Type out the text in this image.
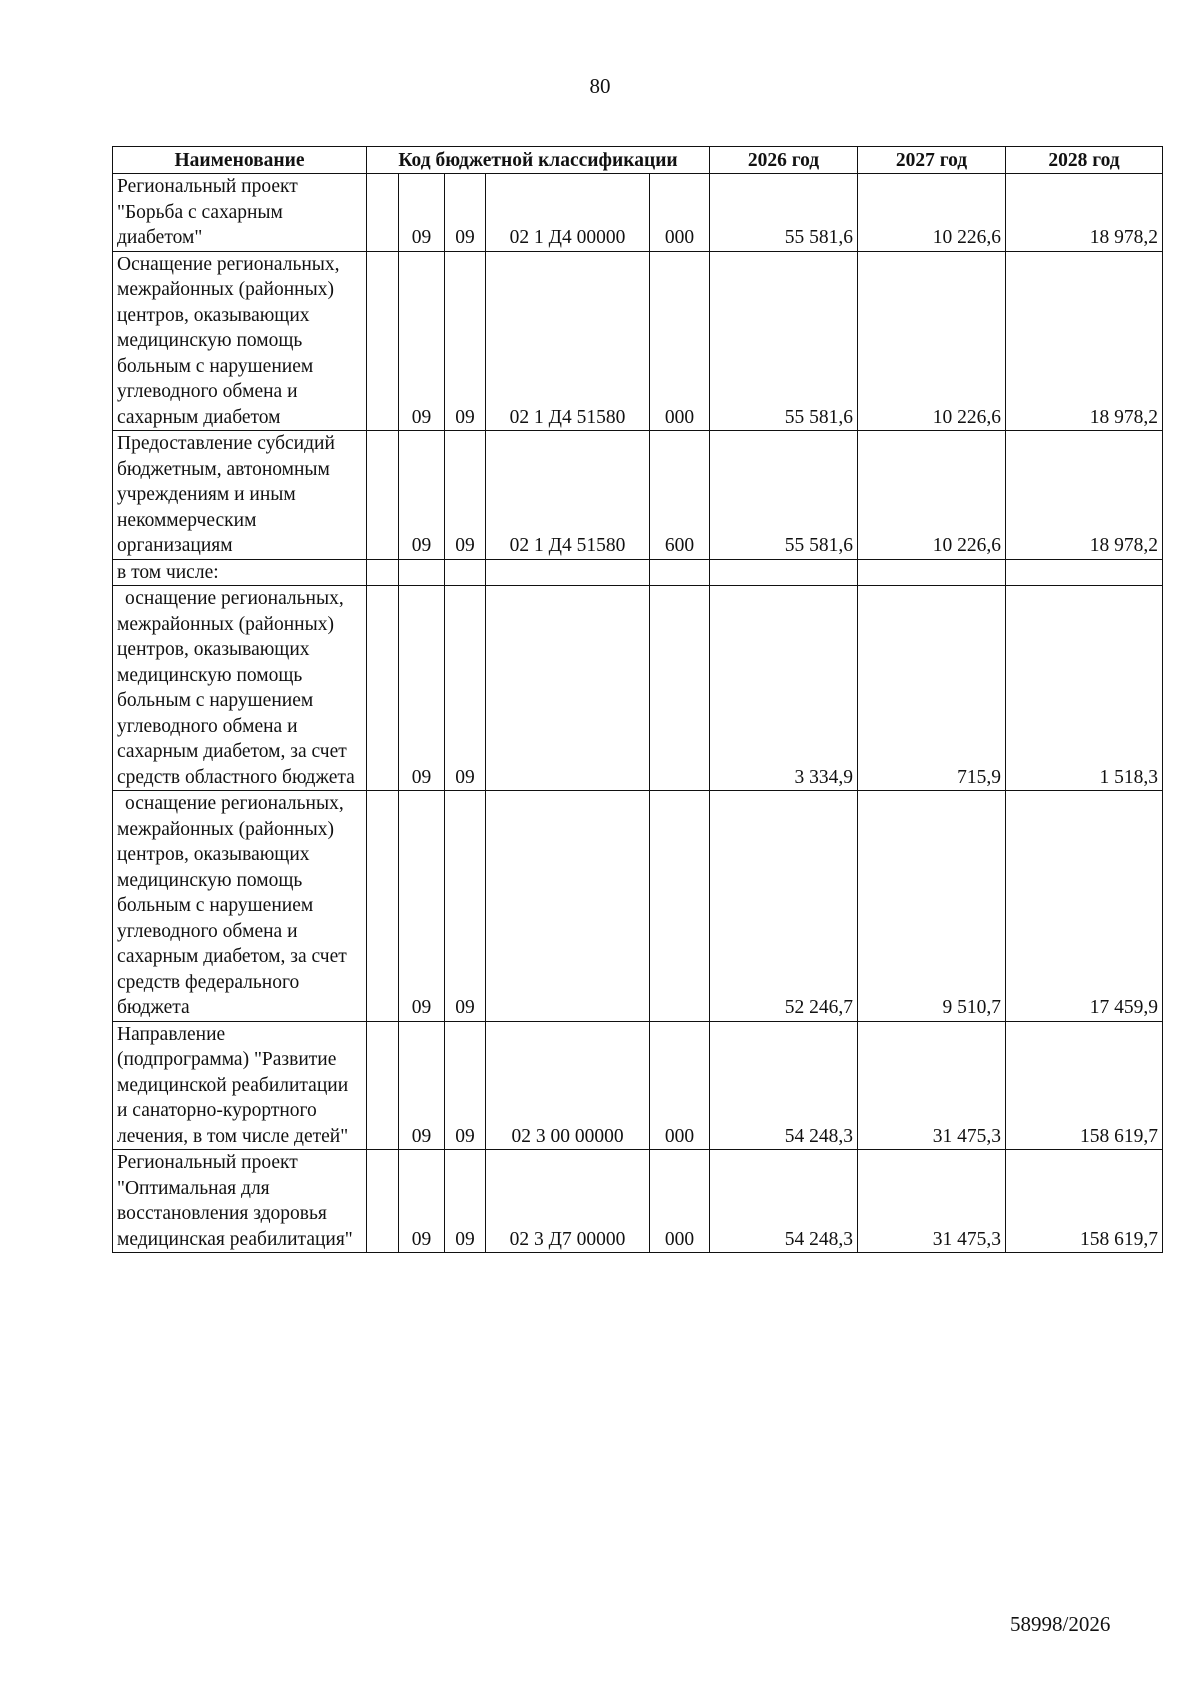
80
Наименование	Код бюджетной классификации					2026 год	2027 год	2028 год
Региональный проект "Борьба с сахарным диабетом"		09	09	02 1 Д4 00000	000	55 581,6	10 226,6	18 978,2
Оснащение региональных, межрайонных (районных) центров, оказывающих медицинскую помощь больным с нарушением углеводного обмена и сахарным диабетом		09	09	02 1 Д4 51580	000	55 581,6	10 226,6	18 978,2
Предоставление субсидий бюджетным, автономным учреждениям и иным некоммерческим организациям		09	09	02 1 Д4 51580	600	55 581,6	10 226,6	18 978,2
в том числе:								
оснащение региональных, межрайонных (районных) центров, оказывающих медицинскую помощь больным с нарушением углеводного обмена и сахарным диабетом, за счет средств областного бюджета		09	09			3 334,9	715,9	1 518,3
оснащение региональных, межрайонных (районных) центров, оказывающих медицинскую помощь больным с нарушением углеводного обмена и сахарным диабетом, за счет средств федерального бюджета		09	09			52 246,7	9 510,7	17 459,9
Направление (подпрограмма) "Развитие медицинской реабилитации и санаторно-курортного лечения, в том числе детей"		09	09	02 3 00 00000	000	54 248,3	31 475,3	158 619,7
Региональный проект "Оптимальная для восстановления здоровья медицинская реабилитация"		09	09	02 3 Д7 00000	000	54 248,3	31 475,3	158 619,7
58998/2026
